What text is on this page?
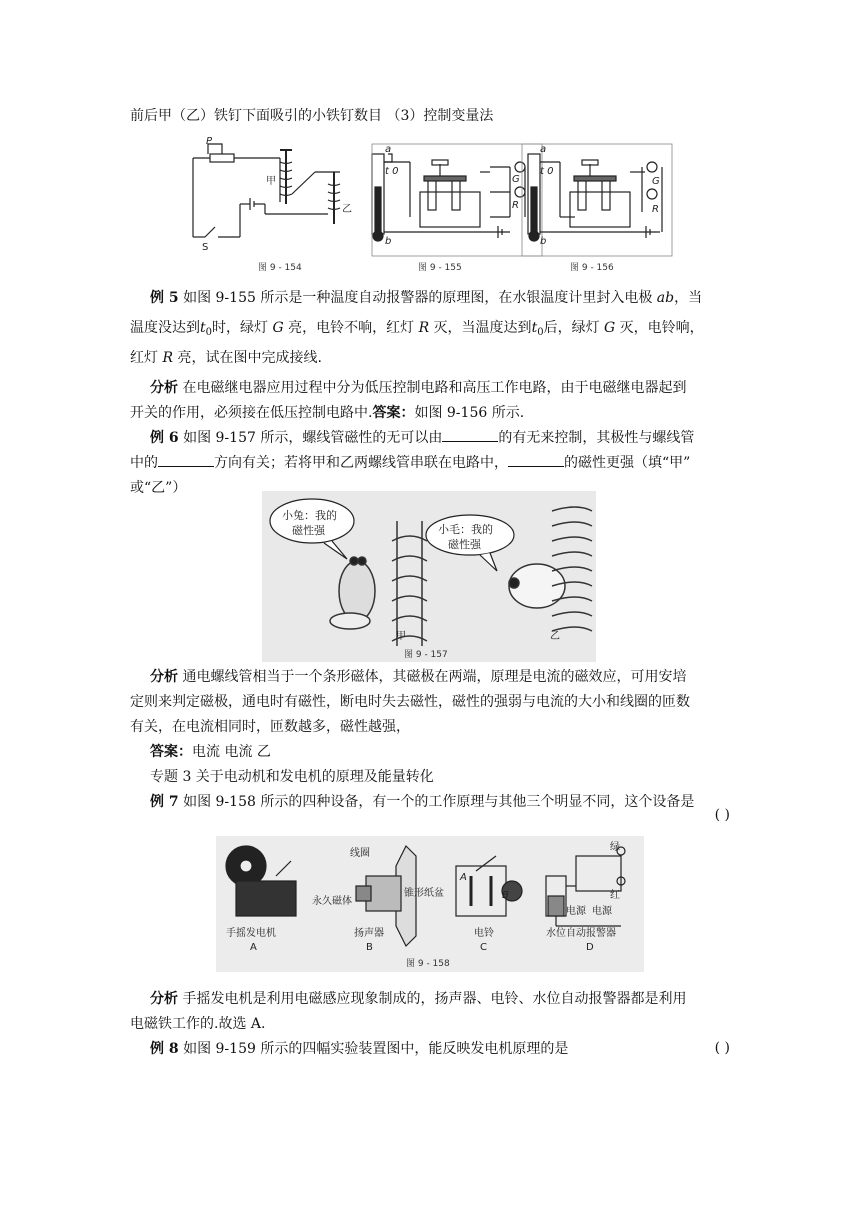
前后甲（乙）铁钉下面吸引的小铁钉数目 （3）控制变量法
P
甲
乙
S
a
t 0
b
G
R
a
t 0
b
G
R
图 9 - 154	图 9 - 155	图 9 - 156
例 5 如图 9-155 所示是一种温度自动报警器的原理图，在水银温度计里封入电极 ab，当
温度没达到$t_0$时，绿灯 G 亮，电铃不响，红灯 R 灭，当温度达到$t_0$后，绿灯 G 灭，电铃响，
红灯 R 亮，试在图中完成接线.
分析 在电磁继电器应用过程中分为低压控制电路和高压工作电路，由于电磁继电器起到
开关的作用，必须接在低压控制电路中.答案：如图 9-156 所示.
例 6 如图 9-157 所示，螺线管磁性的无可以由	的有无来控制，其极性与螺线管
中的	方向有关；若将甲和乙两螺线管串联在电路中，	的磁性更强（填“甲”
或“乙”）
小兔：我的
磁性强	小毛：我的
磁性强
甲	乙
图 9 - 157
分析 通电螺线管相当于一个条形磁体，其磁极在两端，原理是电流的磁效应，可用安培
定则来判定磁极，通电时有磁性，断电时失去磁性，磁性的强弱与电流的大小和线圈的匝数
有关，在电流相同时，匝数越多，磁性越强，
答案：电流 电流 乙
专题 3 关于电动机和发电机的原理及能量转化
例 7 如图 9-158 所示的四种设备，有一个的工作原理与其他三个明显不同，这个设备是
( )
线圈
永久磁体
锥形纸盆
A
B
绿
红
电源 电源
手摇发电机
A
扬声器
B
电铃
C
水位自动报警器
D
图 9 - 158
分析 手摇发电机是利用电磁感应现象制成的，扬声器、电铃、水位自动报警器都是利用
电磁铁工作的.故选 A.
例 8 如图 9-159 所示的四幅实验装置图中，能反映发电机原理的是	( )
